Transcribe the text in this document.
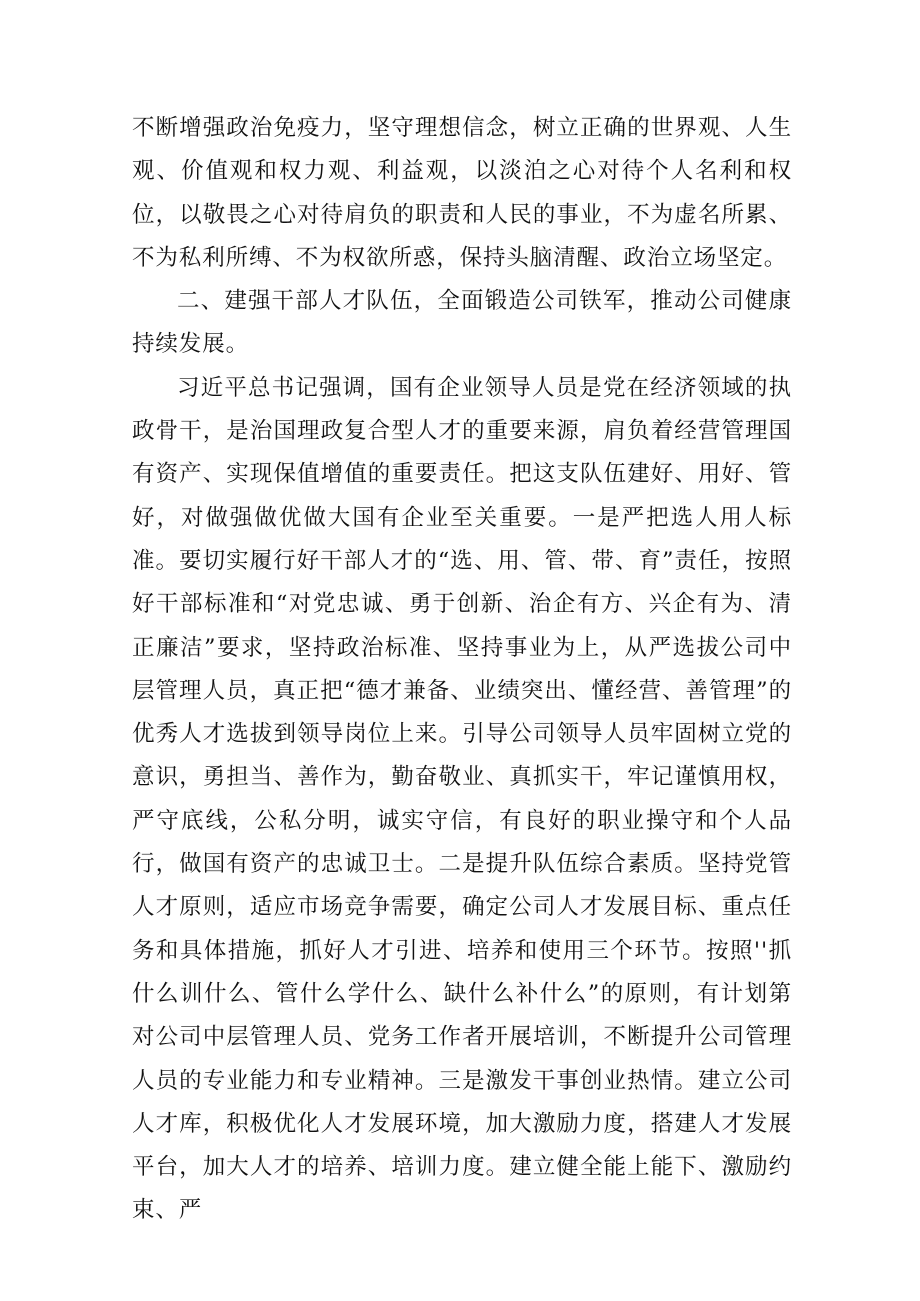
不断增强政治免疫力，坚守理想信念，树立正确的世界观、人生观、价值观和权力观、利益观，以淡泊之心对待个人名利和权位，以敬畏之心对待肩负的职责和人民的事业，不为虚名所累、不为私利所缚、不为权欲所惑，保持头脑清醒、政治立场坚定。

二、建强干部人才队伍，全面锻造公司铁军，推动公司健康持续发展。

习近平总书记强调，国有企业领导人员是党在经济领域的执政骨干，是治国理政复合型人才的重要来源，肩负着经营管理国有资产、实现保值增值的重要责任。把这支队伍建好、用好、管好，对做强做优做大国有企业至关重要。一是严把选人用人标准。要切实履行好干部人才的“选、用、管、带、育”责任，按照好干部标准和“对党忠诚、勇于创新、治企有方、兴企有为、清正廉洁”要求，坚持政治标准、坚持事业为上，从严选拔公司中层管理人员，真正把“德才兼备、业绩突出、懂经营、善管理”的优秀人才选拔到领导岗位上来。引导公司领导人员牢固树立党的意识，勇担当、善作为，勤奋敬业、真抓实干，牢记谨慎用权，严守底线，公私分明，诚实守信，有良好的职业操守和个人品行，做国有资产的忠诚卫士。二是提升队伍综合素质。坚持党管人才原则，适应市场竞争需要，确定公司人才发展目标、重点任务和具体措施，抓好人才引进、培养和使用三个环节。按照''抓什么训什么、管什么学什么、缺什么补什么”的原则，有计划第对公司中层管理人员、党务工作者开展培训，不断提升公司管理人员的专业能力和专业精神。三是激发干事创业热情。建立公司人才库，积极优化人才发展环境，加大激励力度，搭建人才发展平台，加大人才的培养、培训力度。建立健全能上能下、激励约束、严
